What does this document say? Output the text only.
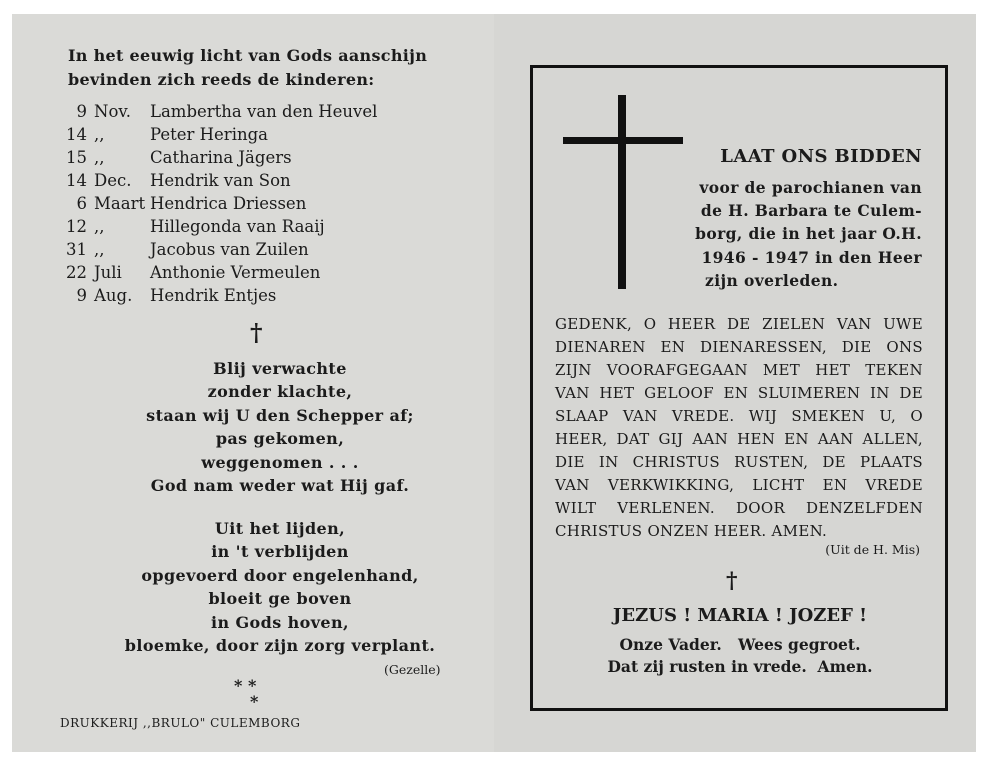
In het eeuwig licht van Gods aanschijn
bevinden zich reeds de kinderen:
9 Nov. Lambertha van den Heuvel
14 ,,	Peter Heringa
15 ,,	Catharina Jägers
14 Dec. Hendrik van Son
6 Maart Hendrica Driessen
12 ,,	Hillegonda van Raaij
31 ,,	Jacobus van Zuilen
22 Juli Anthonie Vermeulen
9 Aug. Hendrik Entjes
†
Blij verwachte
zonder klachte,
staan wij U den Schepper af;
pas gekomen,
weggenomen . . .
God nam weder wat Hij gaf.
Uit het lijden,
in 't verblijden
opgevoerd door engelenhand,
bloeit ge boven
in Gods hoven,
bloemke, door zijn zorg verplant.
(Gezelle)
* *
*
DRUKKERIJ ,,BRULO" CULEMBORG
LAAT ONS BIDDEN
voor de parochianen van
de H. Barbara te Culem-
borg, die in het jaar O.H.
1946 - 1947 in den Heer
zijn overleden.
GEDENK, O HEER DE ZIELEN VAN UWE
DIENAREN EN DIENARESSEN, DIE ONS
ZIJN VOORAFGEGAAN MET HET TEKEN
VAN HET GELOOF EN SLUIMEREN IN DE
SLAAP VAN VREDE. WIJ SMEKEN U, O
HEER, DAT GIJ AAN HEN EN AAN ALLEN,
DIE IN CHRISTUS RUSTEN, DE PLAATS
VAN VERKWIKKING, LICHT EN VREDE
WILT VERLENEN. DOOR DENZELFDEN
CHRISTUS ONZEN HEER. AMEN.
(Uit de H. Mis)
†
JEZUS ! MARIA ! JOZEF !
Onze Vader.   Wees gegroet.
Dat zij rusten in vrede.  Amen.
